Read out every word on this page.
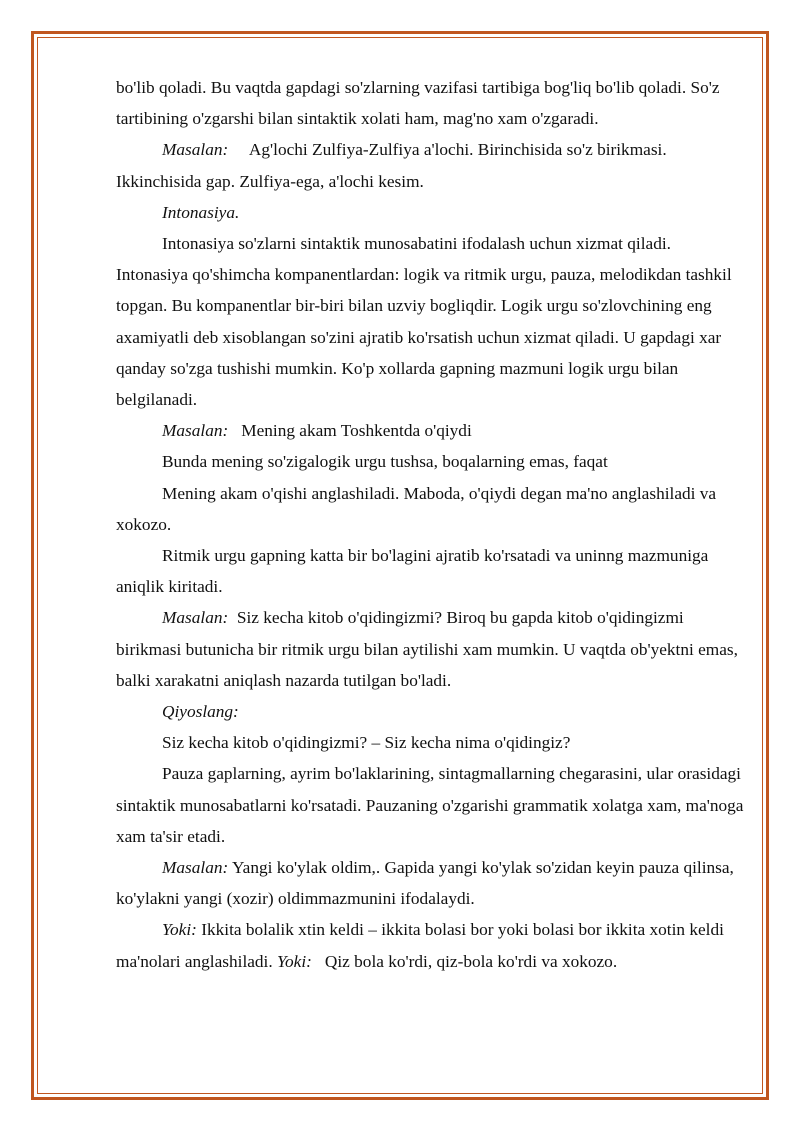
bo'lib qoladi. Bu vaqtda gapdagi so'zlarning vazifasi tartibiga bog'liq bo'lib qoladi. So'z tartibining o'zgarshi bilan sintaktik xolati ham, mag'no xam o'zgaradi.

Masalan: Ag'lochi Zulfiya-Zulfiya a'lochi. Birinchisida so'z birikmasi. Ikkinchisida gap. Zulfiya-ega, a'lochi kesim.

Intonasiya.

Intonasiya so'zlarni sintaktik munosabatini ifodalash uchun xizmat qiladi. Intonasiya qo'shimcha kompanentlardan: logik va ritmik urgu, pauza, melodikdan tashkil topgan. Bu kompanentlar bir-biri bilan uzviy bogliqdir. Logik urgu so'zlovchining eng axamiyatli deb xisoblangan so'zini ajratib ko'rsatish uchun xizmat qiladi. U gapdagi xar qanday so'zga tushishi mumkin. Ko'p xollarda gapning mazmuni logik urgu bilan belgilanadi.

Masalan: Mening akam Toshkentda o'qiydi

Bunda mening so'zigalogik urgu tushsa, boqalarning emas, faqat

Mening akam o'qishi anglashiladi. Maboda, o'qiydi degan ma'no anglashiladi va xokozo.

Ritmik urgu gapning katta bir bo'lagini ajratib ko'rsatadi va uninng mazmuniga aniqlik kiritadi.

Masalan: Siz kecha kitob o'qidingizmi? Biroq bu gapda kitob o'qidingizmi birikmasi butunicha bir ritmik urgu bilan aytilishi xam mumkin. U vaqtda ob'yektni emas, balki xarakatni aniqlash nazarda tutilgan bo'ladi.

Qiyoslang:

Siz kecha kitob o'qidingizmi? – Siz kecha nima o'qidingiz?

Pauza gaplarning, ayrim bo'laklarining, sintagmallarning chegarasini, ular orasidagi sintaktik munosabatlarni ko'rsatadi. Pauzaning o'zgarishi grammatik xolatga xam, ma'noga xam ta'sir etadi.

Masalan: Yangi ko'ylak oldim,. Gapida yangi ko'ylak so'zidan keyin pauza qilinsa, ko'ylakni yangi (xozir) oldimmazmunini ifodalaydi.

Yoki: Ikkita bolalik xtin keldi – ikkita bolasi bor yoki bolasi bor ikkita xotin keldi ma'nolari anglashiladi. Yoki: Qiz bola ko'rdi, qiz-bola ko'rdi va xokozo.
